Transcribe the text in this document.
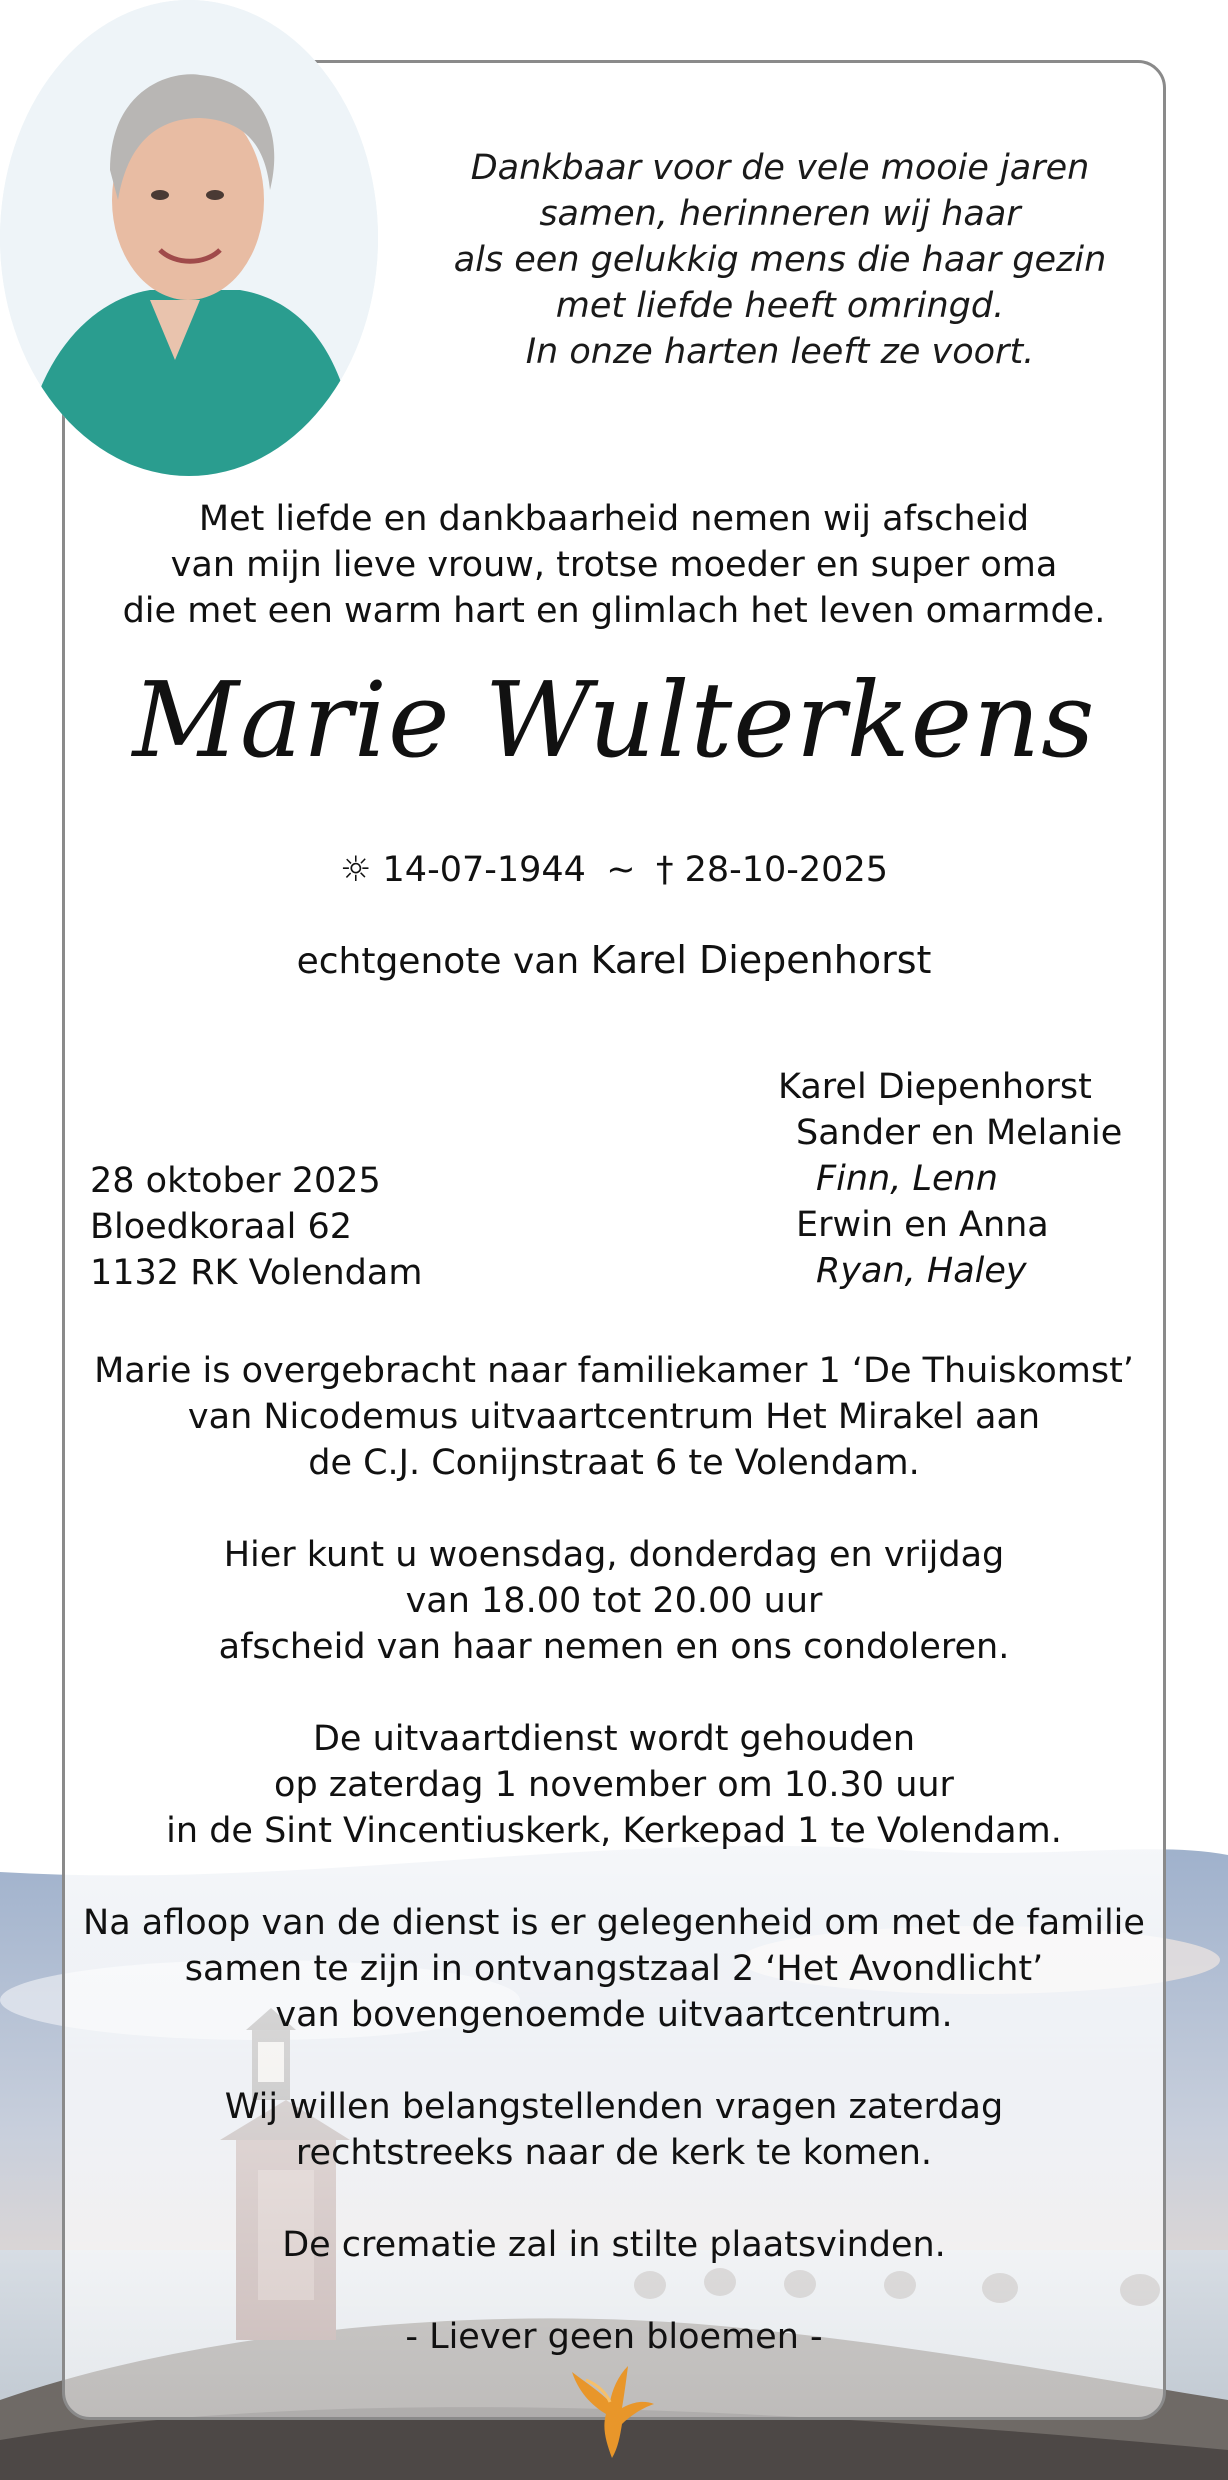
Dankbaar voor de vele mooie jaren
samen, herinneren wij haar
als een gelukkig mens die haar gezin
met liefde heeft omringd.
In onze harten leeft ze voort.

Met liefde en dankbaarheid nemen wij afscheid
van mijn lieve vrouw, trotse moeder en super oma
die met een warm hart en glimlach het leven omarmde.

Marie Wulterkens

☼ 14-07-1944 ~ † 28-10-2025

echtgenote van Karel Diepenhorst

28 oktober 2025
Bloedkoraal 62
1132 RK Volendam

Karel Diepenhorst
Sander en Melanie
Finn, Lenn
Erwin en Anna
Ryan, Haley

Marie is overgebracht naar familiekamer 1 ‘De Thuiskomst’
van Nicodemus uitvaartcentrum Het Mirakel aan
de C.J. Conijnstraat 6 te Volendam.

Hier kunt u woensdag, donderdag en vrijdag
van 18.00 tot 20.00 uur
afscheid van haar nemen en ons condoleren.

De uitvaartdienst wordt gehouden
op zaterdag 1 november om 10.30 uur
in de Sint Vincentiuskerk, Kerkepad 1 te Volendam.

Na afloop van de dienst is er gelegenheid om met de familie
samen te zijn in ontvangstzaal 2 ‘Het Avondlicht’
van bovengenoemde uitvaartcentrum.

Wij willen belangstellenden vragen zaterdag
rechtstreeks naar de kerk te komen.

De crematie zal in stilte plaatsvinden.

- Liever geen bloemen -
